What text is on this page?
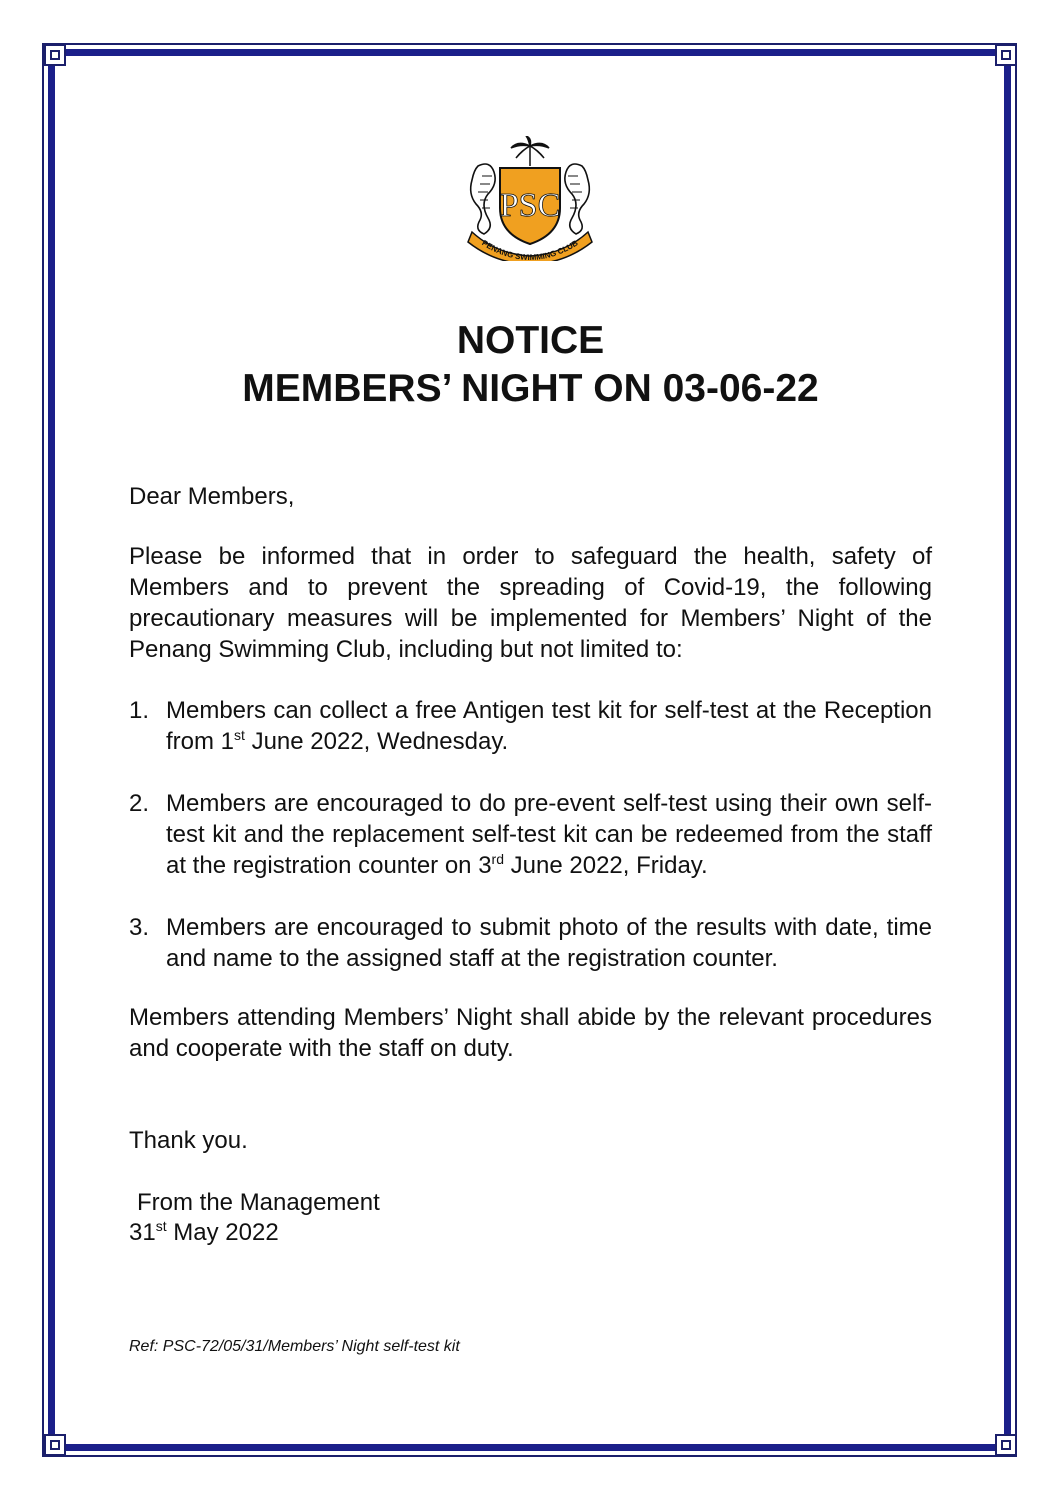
PSC
PENANG SWIMMING CLUB
NOTICE
MEMBERS’ NIGHT ON 03-06-22

Dear Members,

Please be informed that in order to safeguard the health, safety of Members and to prevent the spreading of Covid-19, the following precautionary measures will be implemented for Members’ Night of the Penang Swimming Club, including but not limited to:

1. Members can collect a free Antigen test kit for self-test at the Reception from 1st June 2022, Wednesday.
2. Members are encouraged to do pre-event self-test using their own self-test kit and the replacement self-test kit can be redeemed from the staff at the registration counter on 3rd June 2022, Friday.
3. Members are encouraged to submit photo of the results with date, time and name to the assigned staff at the registration counter.

Members attending Members’ Night shall abide by the relevant procedures and cooperate with the staff on duty.

Thank you.

From the Management

31st May 2022

Ref: PSC-72/05/31/Members’ Night self-test kit
